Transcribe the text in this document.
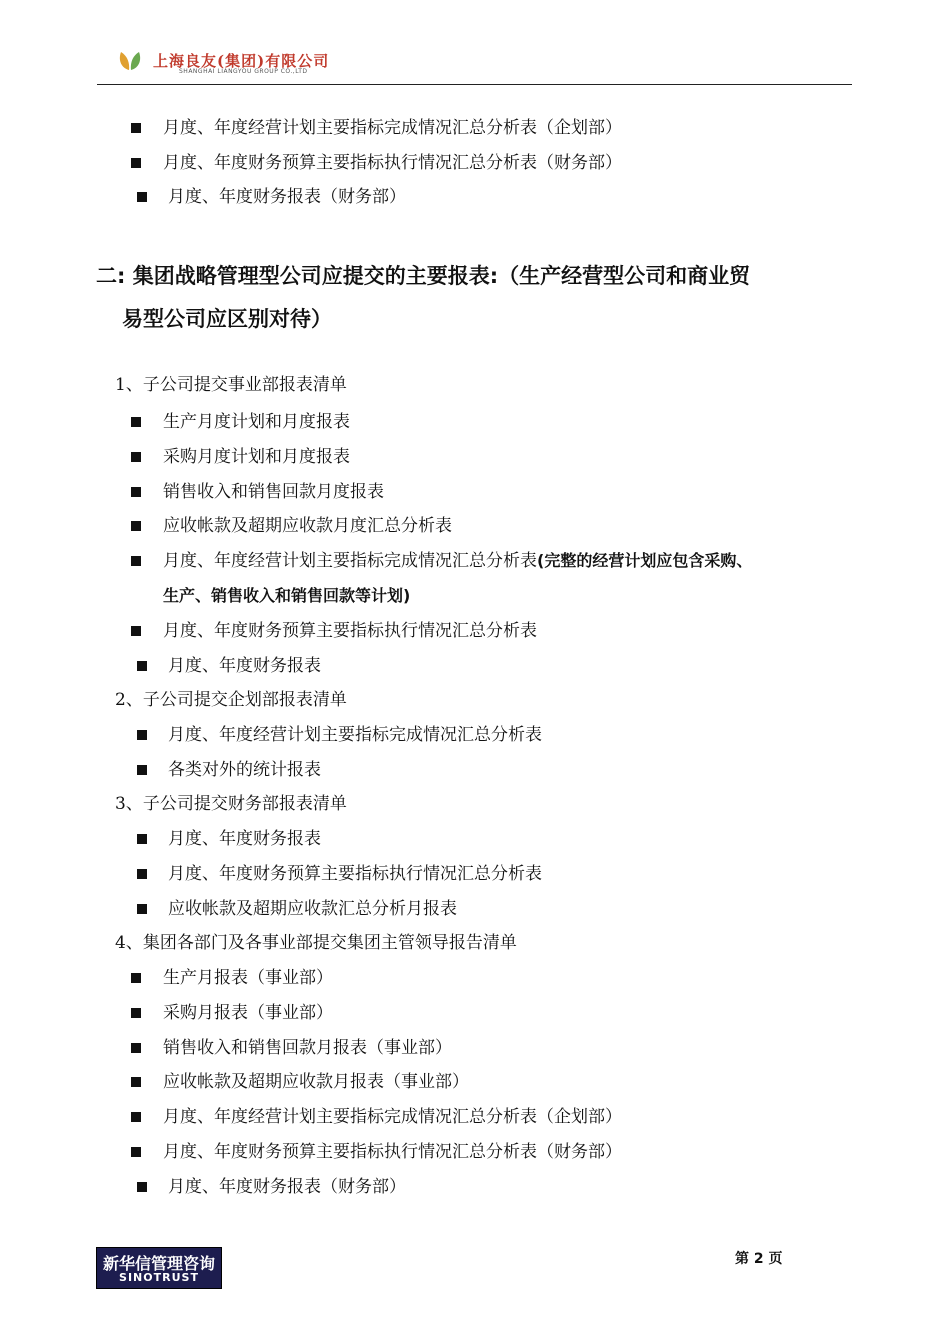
上海良友(集团)有限公司
SHANGHAI LIANGYOU GROUP CO.,LTD
月度、年度经营计划主要指标完成情况汇总分析表（企划部）
月度、年度财务预算主要指标执行情况汇总分析表（财务部）
月度、年度财务报表（财务部）
二: 集团战略管理型公司应提交的主要报表:（生产经营型公司和商业贸
易型公司应区别对待）
1、子公司提交事业部报表清单
生产月度计划和月度报表
采购月度计划和月度报表
销售收入和销售回款月度报表
应收帐款及超期应收款月度汇总分析表
月度、年度经营计划主要指标完成情况汇总分析表(完整的经营计划应包含采购、
生产、销售收入和销售回款等计划)
月度、年度财务预算主要指标执行情况汇总分析表
月度、年度财务报表
2、子公司提交企划部报表清单
月度、年度经营计划主要指标完成情况汇总分析表
各类对外的统计报表
3、子公司提交财务部报表清单
月度、年度财务报表
月度、年度财务预算主要指标执行情况汇总分析表
应收帐款及超期应收款汇总分析月报表
4、集团各部门及各事业部提交集团主管领导报告清单
生产月报表（事业部）
采购月报表（事业部）
销售收入和销售回款月报表（事业部）
应收帐款及超期应收款月报表（事业部）
月度、年度经营计划主要指标完成情况汇总分析表（企划部）
月度、年度财务预算主要指标执行情况汇总分析表（财务部）
月度、年度财务报表（财务部）
新华信管理咨询
SINOTRUST
第 2 页
